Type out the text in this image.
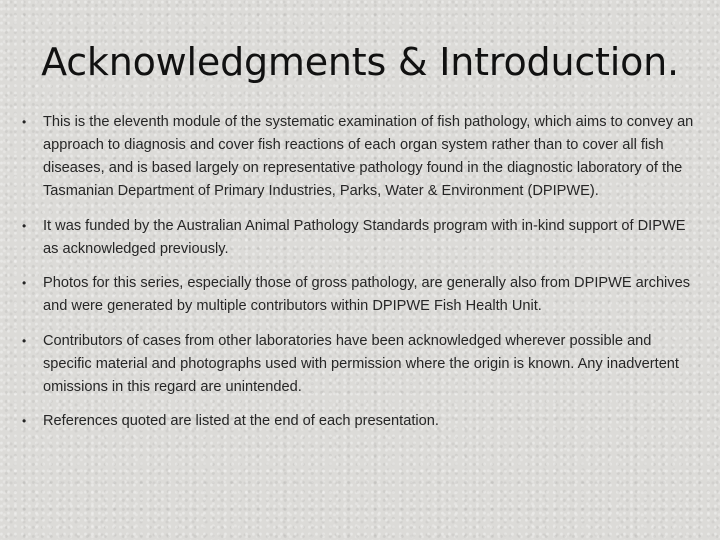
Acknowledgments & Introduction.
• This is the eleventh module of the systematic examination of fish pathology, which aims to convey an approach to diagnosis and cover fish reactions of each organ system rather than to cover all fish diseases, and is based largely on representative pathology found in the diagnostic laboratory of the Tasmanian Department of Primary Industries, Parks, Water & Environment (DPIPWE).
• It was funded by the Australian Animal Pathology Standards program with in-kind support of DIPWE as acknowledged previously.
• Photos for this series, especially those of gross pathology, are generally also from DPIPWE archives and were generated by multiple contributors within DPIPWE Fish Health Unit.
• Contributors of cases from other laboratories have been acknowledged wherever possible and specific material and photographs used with permission where the origin is known. Any inadvertent omissions in this regard are unintended.
• References quoted are listed at the end of each presentation.
